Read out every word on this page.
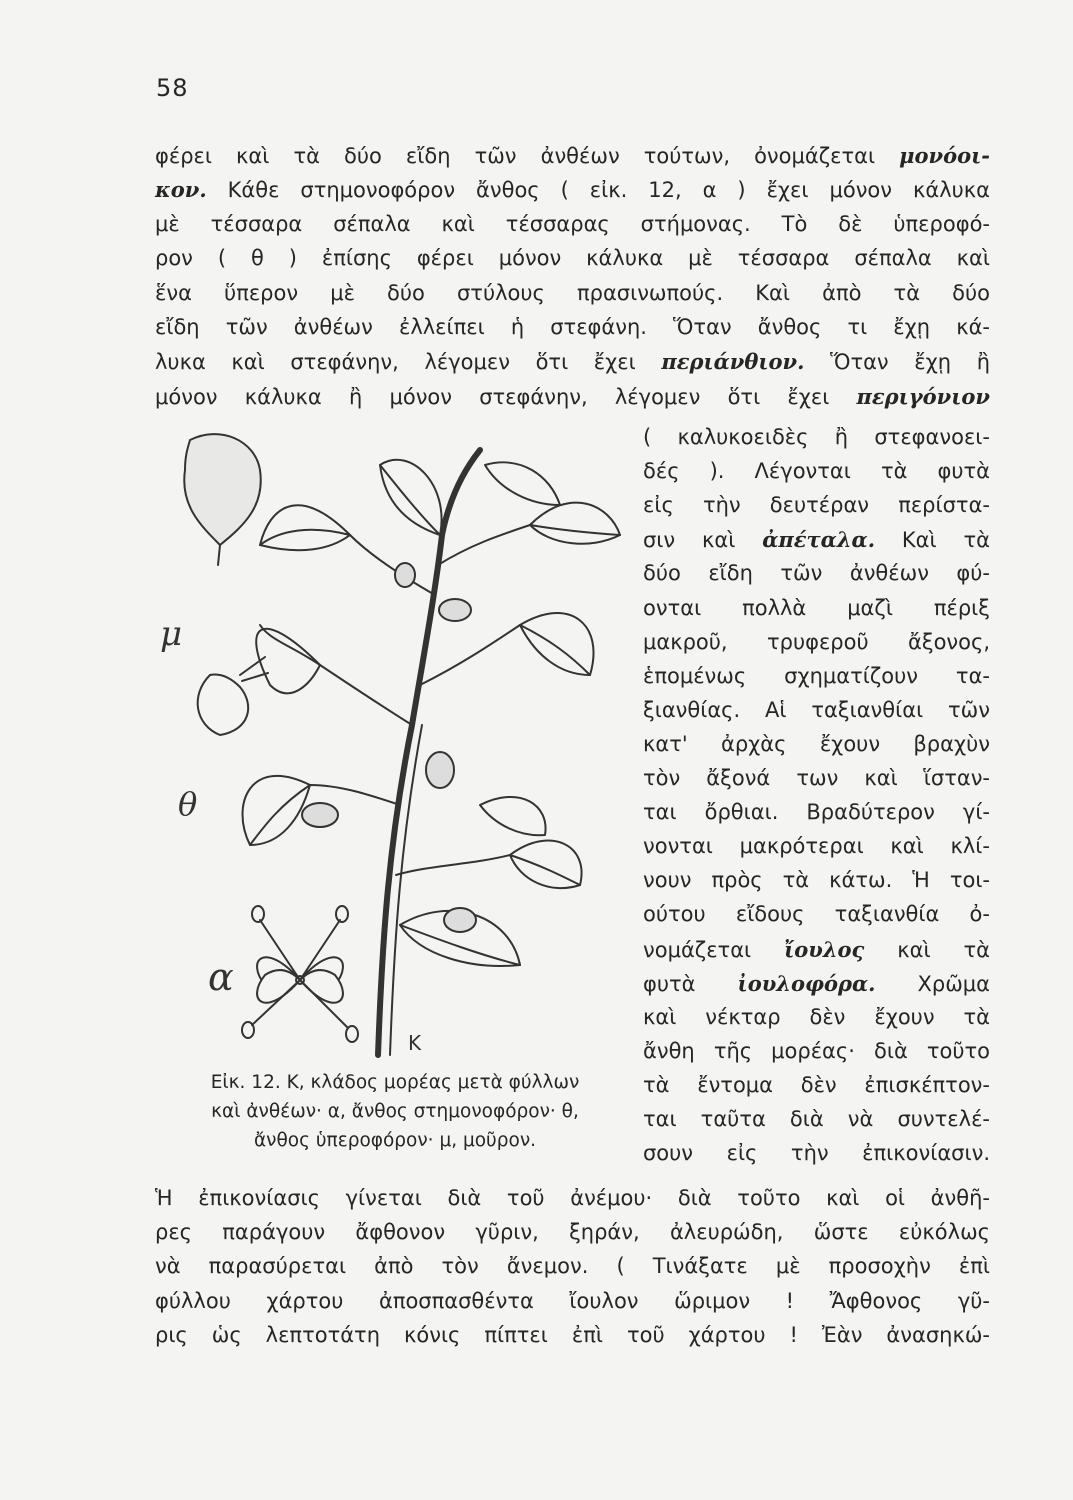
58
φέρει καὶ τὰ δύο εἴδη τῶν ἀνθέων τούτων, ὀνομάζεται μονόοι-
κον. Κάθε στημονοφόρον ἄνθος ( εἰκ. 12, α ) ἔχει μόνον κάλυκα
μὲ τέσσαρα σέπαλα καὶ τέσσαρας στήμονας. Τὸ δὲ ὑπεροφό-
ρον ( θ ) ἐπίσης φέρει μόνον κάλυκα μὲ τέσσαρα σέπαλα καὶ
ἕνα ὕπερον μὲ δύο στύλους πρασινωπούς. Καὶ ἀπὸ τὰ δύο
εἴδη τῶν ἀνθέων ἐλλείπει ἡ στεφάνη. Ὅταν ἄνθος τι ἔχῃ κά-
λυκα καὶ στεφάνην, λέγομεν ὅτι ἔχει περιάνθιον. Ὅταν ἔχῃ ἢ
μόνον κάλυκα ἢ μόνον στεφάνην, λέγομεν ὅτι ἔχει περιγόνιον
( καλυκοειδὲς ἢ στεφανοει-
δές ). Λέγονται τὰ φυτὰ
εἰς τὴν δευτέραν περίστα-
σιν καὶ ἀπέταλα. Καὶ τὰ
δύο εἴδη τῶν ἀνθέων φύ-
ονται πολλὰ μαζὶ πέριξ
μακροῦ, τρυφεροῦ ἄξονος,
ἑπομένως σχηματίζουν τα-
ξιανθίας. Αἱ ταξιανθίαι τῶν
κατ' ἀρχὰς ἔχουν βραχὺν
τὸν ἄξονά των καὶ ἵσταν-
ται ὄρθιαι. Βραδύτερον γί-
νονται μακρότεραι καὶ κλί-
νουν πρὸς τὰ κάτω. Ἡ τοι-
ούτου εἴδους ταξιανθία ὀ-
νομάζεται ἴουλος καὶ τὰ
φυτὰ ἰουλοφόρα. Χρῶμα
καὶ νέκταρ δὲν ἔχουν τὰ
ἄνθη τῆς μορέας· διὰ τοῦτο
τὰ ἔντομα δὲν ἐπισκέπτον-
ται ταῦτα διὰ νὰ συντελέ-
σουν εἰς τὴν ἐπικονίασιν.
Ἡ ἐπικονίασις γίνεται διὰ τοῦ ἀνέμου· διὰ τοῦτο καὶ οἱ ἀνθῆ-
ρες παράγουν ἄφθονον γῦριν, ξηράν, ἀλευρώδη, ὥστε εὐκόλως
νὰ παρασύρεται ἀπὸ τὸν ἄνεμον. ( Τινάξατε μὲ προσοχὴν ἐπὶ
φύλλου χάρτου ἀποσπασθέντα ἴουλον ὥριμον ! Ἄφθονος γῦ-
ρις ὡς λεπτοτάτη κόνις πίπτει ἐπὶ τοῦ χάρτου ! Ἐὰν ἀνασηκώ-
μ
θ
α
Κ
Εἰκ. 12. Κ, κλάδος μορέας μετὰ φύλλων
καὶ ἀνθέων· α, ἄνθος στημονοφόρον· θ,
ἄνθος ὑπεροφόρον· μ, μοῦρον.
